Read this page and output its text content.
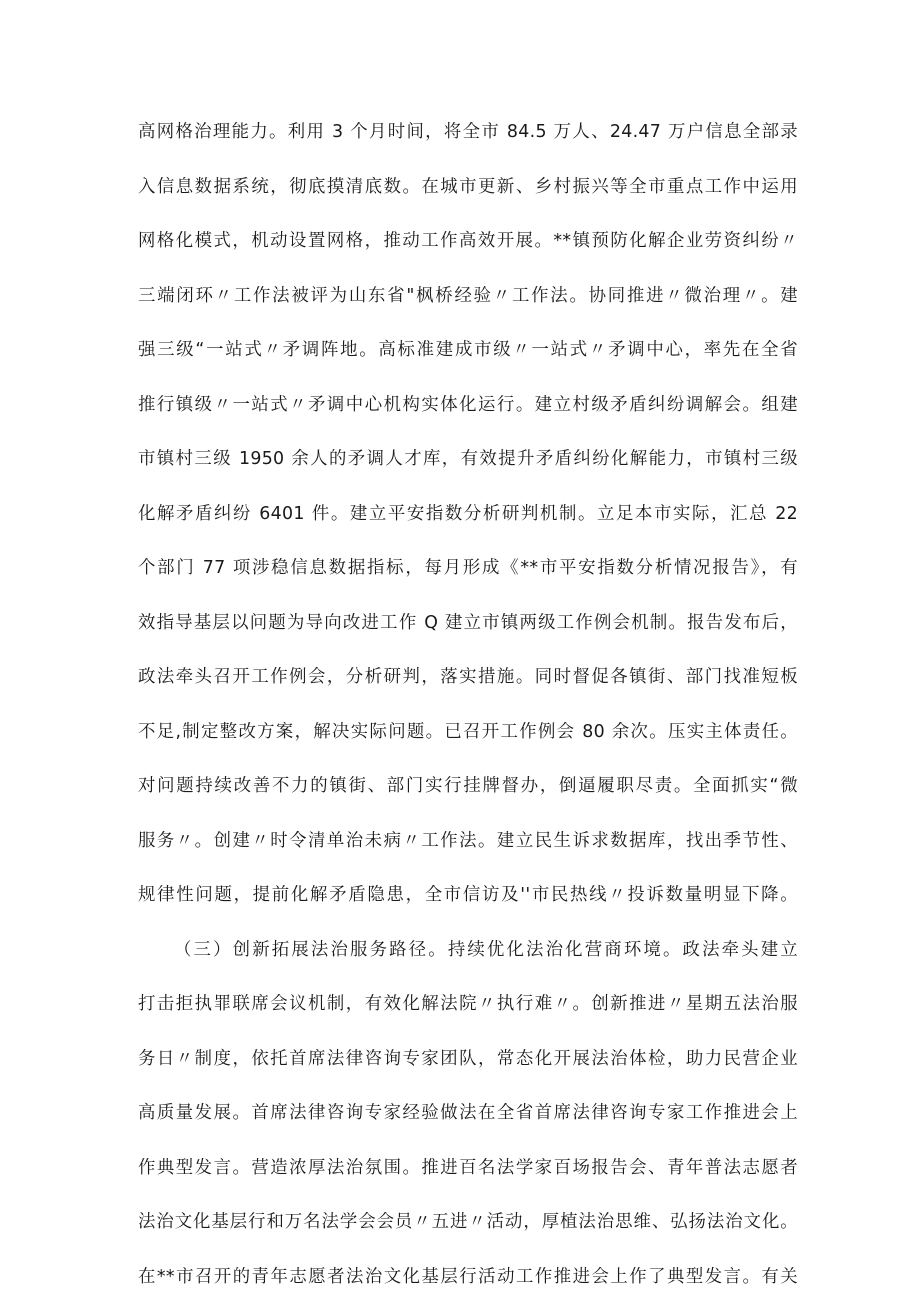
高网格治理能力。利用 3 个月时间，将全市 84.5 万人、24.47 万户信息全部录
入信息数据系统，彻底摸清底数。在城市更新、乡村振兴等全市重点工作中运用
网格化模式，机动设置网格，推动工作高效开展。**镇预防化解企业劳资纠纷〃
三端闭环〃工作法被评为山东省"枫桥经验〃工作法。协同推进〃微治理〃。建
强三级“一站式〃矛调阵地。高标准建成市级〃一站式〃矛调中心，率先在全省
推行镇级〃一站式〃矛调中心机构实体化运行。建立村级矛盾纠纷调解会。组建
市镇村三级 1950 余人的矛调人才库，有效提升矛盾纠纷化解能力，市镇村三级
化解矛盾纠纷 6401 件。建立平安指数分析研判机制。立足本市实际，汇总 22
个部门 77 项涉稳信息数据指标，每月形成《**市平安指数分析情况报告》，有
效指导基层以问题为导向改进工作 Q 建立市镇两级工作例会机制。报告发布后，
政法牵头召开工作例会，分析研判，落实措施。同时督促各镇街、部门找准短板
不足,制定整改方案，解决实际问题。已召开工作例会 80 余次。压实主体责任。
对问题持续改善不力的镇街、部门实行挂牌督办，倒逼履职尽责。全面抓实“微
服务〃。创建〃时令清单治未病〃工作法。建立民生诉求数据库，找出季节性、
规律性问题，提前化解矛盾隐患，全市信访及''市民热线〃投诉数量明显下降。
（三）创新拓展法治服务路径。持续优化法治化营商环境。政法牵头建立
打击拒执罪联席会议机制，有效化解法院〃执行难〃。创新推进〃星期五法治服
务日〃制度，依托首席法律咨询专家团队，常态化开展法治体检，助力民营企业
高质量发展。首席法律咨询专家经验做法在全省首席法律咨询专家工作推进会上
作典型发言。营造浓厚法治氛围。推进百名法学家百场报告会、青年普法志愿者
法治文化基层行和万名法学会会员〃五进〃活动，厚植法治思维、弘扬法治文化。
在**市召开的青年志愿者法治文化基层行活动工作推进会上作了典型发言。有关
